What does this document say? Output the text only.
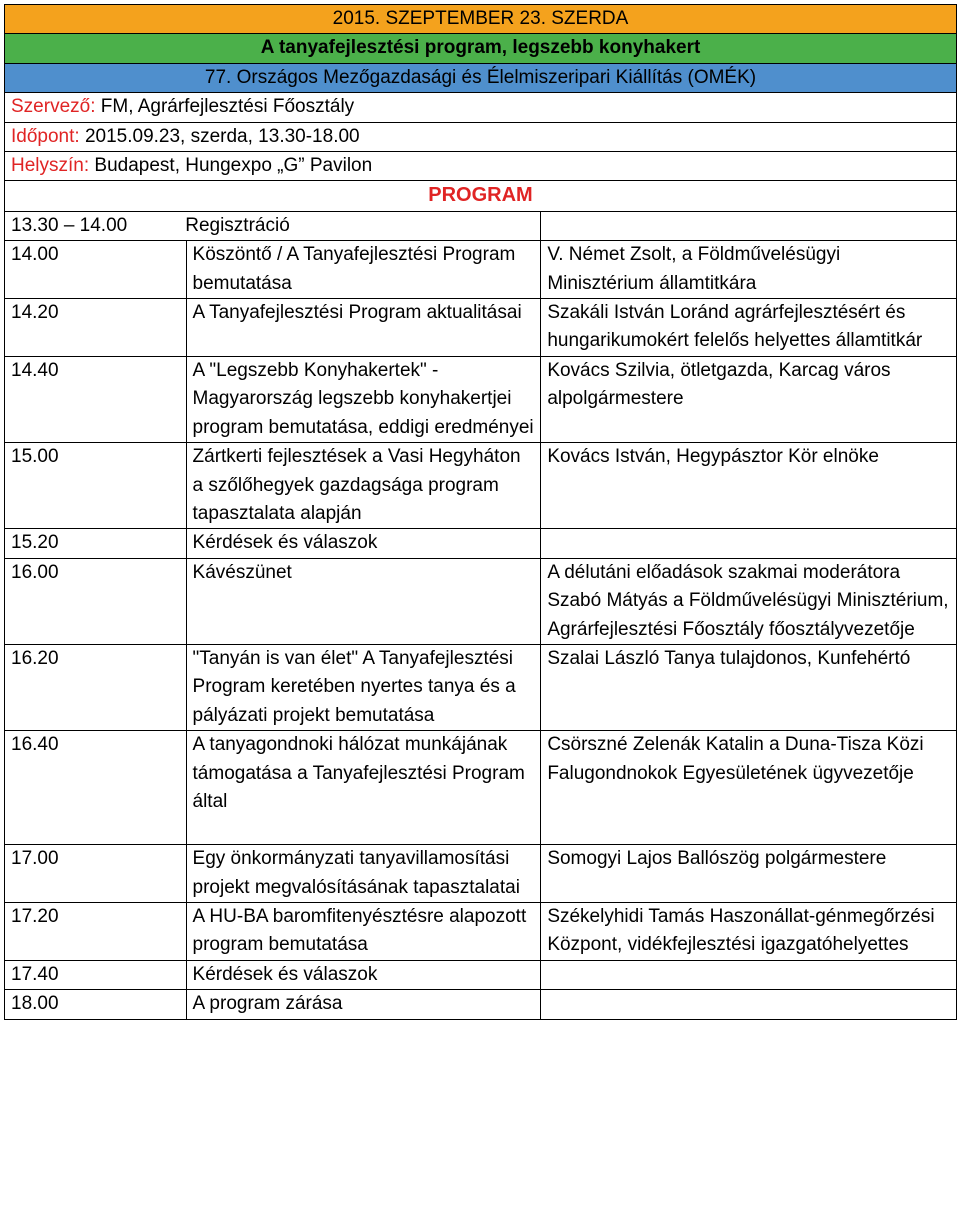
2015. SZEPTEMBER 23. SZERDA		
A tanyafejlesztési program, legszebb konyhakert		
77. Országos Mezőgazdasági és Élelmiszeripari Kiállítás (OMÉK)		
Szervező: FM, Agrárfejlesztési Főosztály		
Időpont: 2015.09.23, szerda, 13.30-18.00		
Helyszín: Budapest, Hungexpo „G” Pavilon		
PROGRAM		
13.30 – 14.00 Regisztráció		
14.00	Köszöntő / A Tanyafejlesztési Program bemutatása	V. Német Zsolt, a Földművelésügyi Minisztérium államtitkára
14.20	A Tanyafejlesztési Program aktualitásai	Szakáli István Loránd agrárfejlesztésért és hungarikumokért felelős helyettes államtitkár
14.40	A "Legszebb Konyhakertek" - Magyarország legszebb konyhakertjei program bemutatása, eddigi eredményei	Kovács Szilvia, ötletgazda, Karcag város alpolgármestere
15.00	Zártkerti fejlesztések a Vasi Hegyháton a szőlőhegyek gazdagsága program tapasztalata alapján	Kovács István, Hegypásztor Kör elnöke
15.20	Kérdések és válaszok	
16.00	Kávészünet	A délutáni előadások szakmai moderátora Szabó Mátyás a Földművelésügyi Minisztérium, Agrárfejlesztési Főosztály főosztályvezetője
16.20	"Tanyán is van élet" A Tanyafejlesztési Program keretében nyertes tanya és a pályázati projekt bemutatása	Szalai László Tanya tulajdonos, Kunfehértó
16.40	A tanyagondnoki hálózat munkájának támogatása a Tanyafejlesztési Program által	Csörszné Zelenák Katalin a Duna-Tisza Közi Falugondnokok Egyesületének ügyvezetője
17.00	Egy önkormányzati tanyavillamosítási projekt megvalósításának tapasztalatai	Somogyi Lajos Ballószög polgármestere
17.20	A HU-BA baromfitenyésztésre alapozott program bemutatása	Székelyhidi Tamás Haszonállat-génmegőrzési Központ, vidékfejlesztési igazgatóhelyettes
17.40	Kérdések és válaszok	
18.00	A program zárása	
